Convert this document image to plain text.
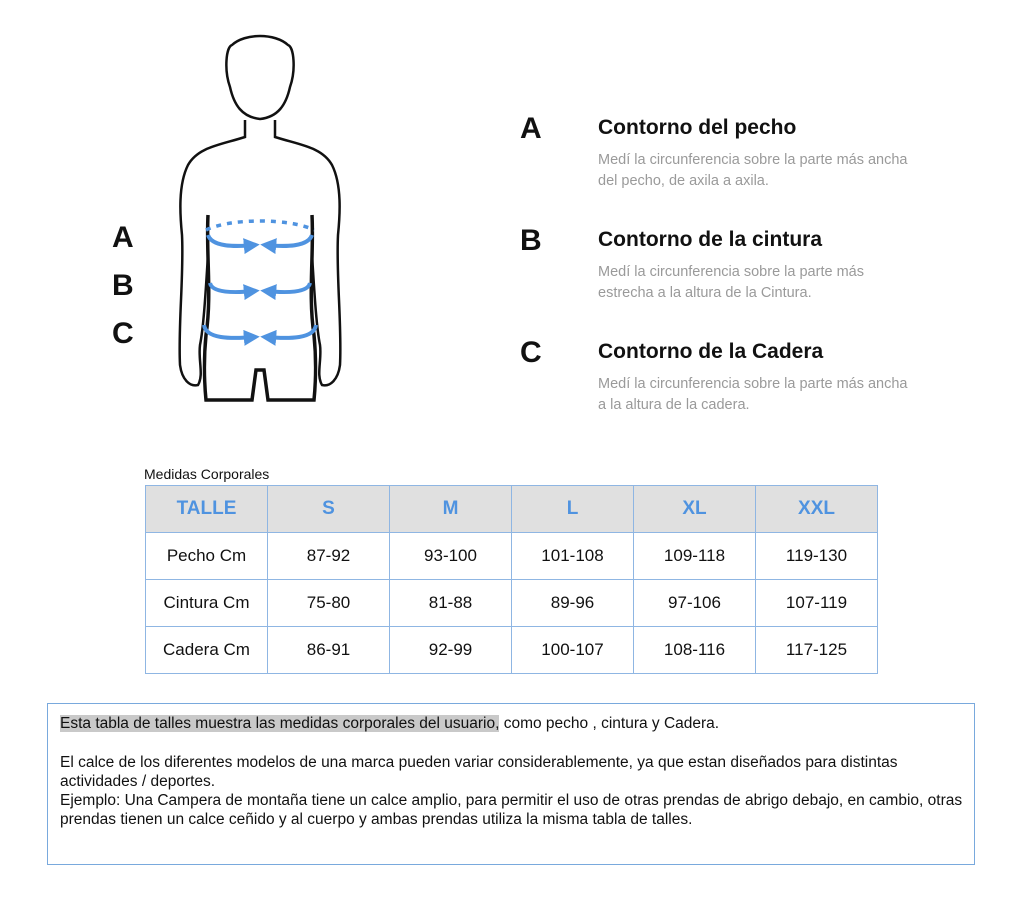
A
B
C
A	Contorno del pecho
Medí la circunferencia sobre la parte más ancha del pecho, de axila a axila.
B	Contorno de la cintura
Medí la circunferencia sobre la parte más estrecha a la altura de la Cintura.
C	Contorno de la Cadera
Medí la circunferencia sobre la parte más ancha a la altura de la cadera.
Medidas Corporales
TALLE	S	M	L	XL	XXL
Pecho Cm	87-92	93-100	101-108	109-118	119-130
Cintura Cm	75-80	81-88	89-96	97-106	107-119
Cadera Cm	86-91	92-99	100-107	108-116	117-125

Esta tabla de talles muestra las medidas corporales del usuario, como pecho , cintura y Cadera.

El calce de los diferentes modelos de una marca pueden variar considerablemente, ya que estan diseñados para distintas actividades / deportes.

Ejemplo: Una Campera de montaña tiene un calce amplio, para permitir el uso de otras prendas de abrigo debajo, en cambio, otras prendas tienen un calce ceñido y al cuerpo y ambas prendas utiliza la misma tabla de talles.
